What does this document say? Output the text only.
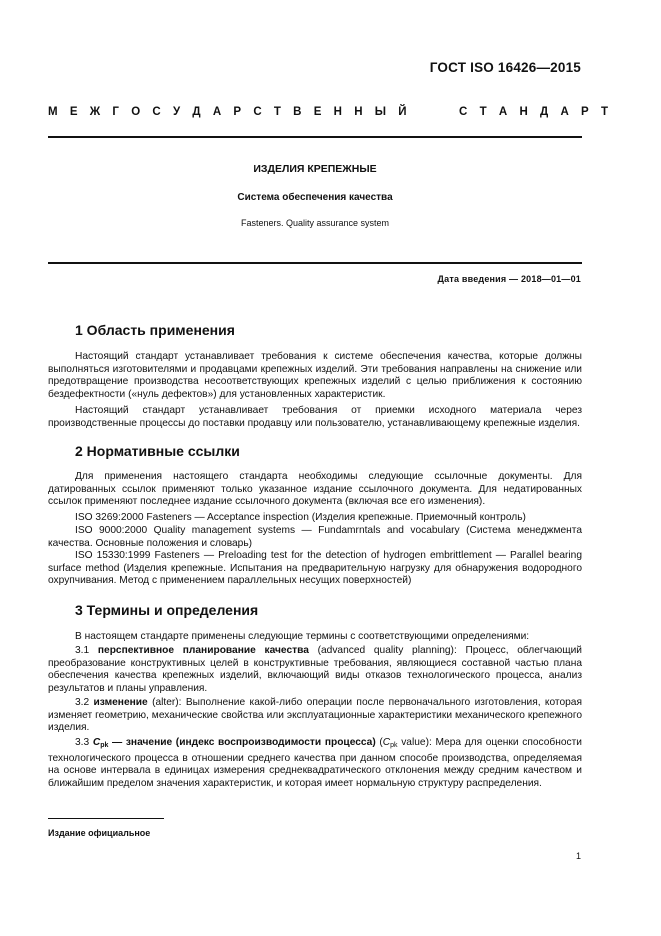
ГОСТ ISO 16426—2015
М Е Ж Г О С У Д А Р С Т В Е Н Н Ы Й	С Т А Н Д А Р Т
ИЗДЕЛИЯ КРЕПЕЖНЫЕ
Система обеспечения качества
Fasteners. Quality assurance system
Дата введения — 2018—01—01
1 Область применения
Настоящий стандарт устанавливает требования к системе обеспечения качества, которые должны выполняться изготовителями и продавцами крепежных изделий. Эти требования направлены на снижение или предотвращение производства несоответствующих крепежных изделий с целью приближения к состоянию бездефектности («нуль дефектов») для установленных характеристик.
Настоящий стандарт устанавливает требования от приемки исходного материала через производственные процессы до поставки продавцу или пользователю, устанавливающему крепежные изделия.
2 Нормативные ссылки
Для применения настоящего стандарта необходимы следующие ссылочные документы. Для датированных ссылок применяют только указанное издание ссылочного документа. Для недатированных ссылок применяют последнее издание ссылочного документа (включая все его изменения).
ISO 3269:2000 Fasteners — Acceptance inspection (Изделия крепежные. Приемочный контроль)
ISO 9000:2000 Quality management systems — Fundamrntals and vocabulary (Система менеджмента качества. Основные положения и словарь)
ISO 15330:1999 Fasteners — Preloading test for the detection of hydrogen embrittlement — Parallel bearing surface method (Изделия крепежные. Испытания на предварительную нагрузку для обнаружения водородного охрупчивания. Метод с применением параллельных несущих поверхностей)
3 Термины и определения
В настоящем стандарте применены следующие термины с соответствующими определениями:
3.1 перспективное планирование качества (advanced quality planning): Процесс, облегчающий преобразование конструктивных целей в конструктивные требования, являющиеся составной частью плана обеспечения качества крепежных изделий, включающий виды отказов технологического процесса, анализ результатов и планы управления.
3.2 изменение (alter): Выполнение какой-либо операции после первоначального изготовления, которая изменяет геометрию, механические свойства или эксплуатационные характеристики механического крепежного изделия.
3.3 $C_{pk}$ — значение (индекс воспроизводимости процесса) ($C_{pk}$ value): Мера для оценки способности технологического процесса в отношении среднего качества при данном способе производства, определяемая на основе интервала в единицах измерения среднеквадратического отклонения между средним качеством и ближайшим пределом значения характеристик, и которая имеет нормальную структуру распределения.
Издание официальное
1
